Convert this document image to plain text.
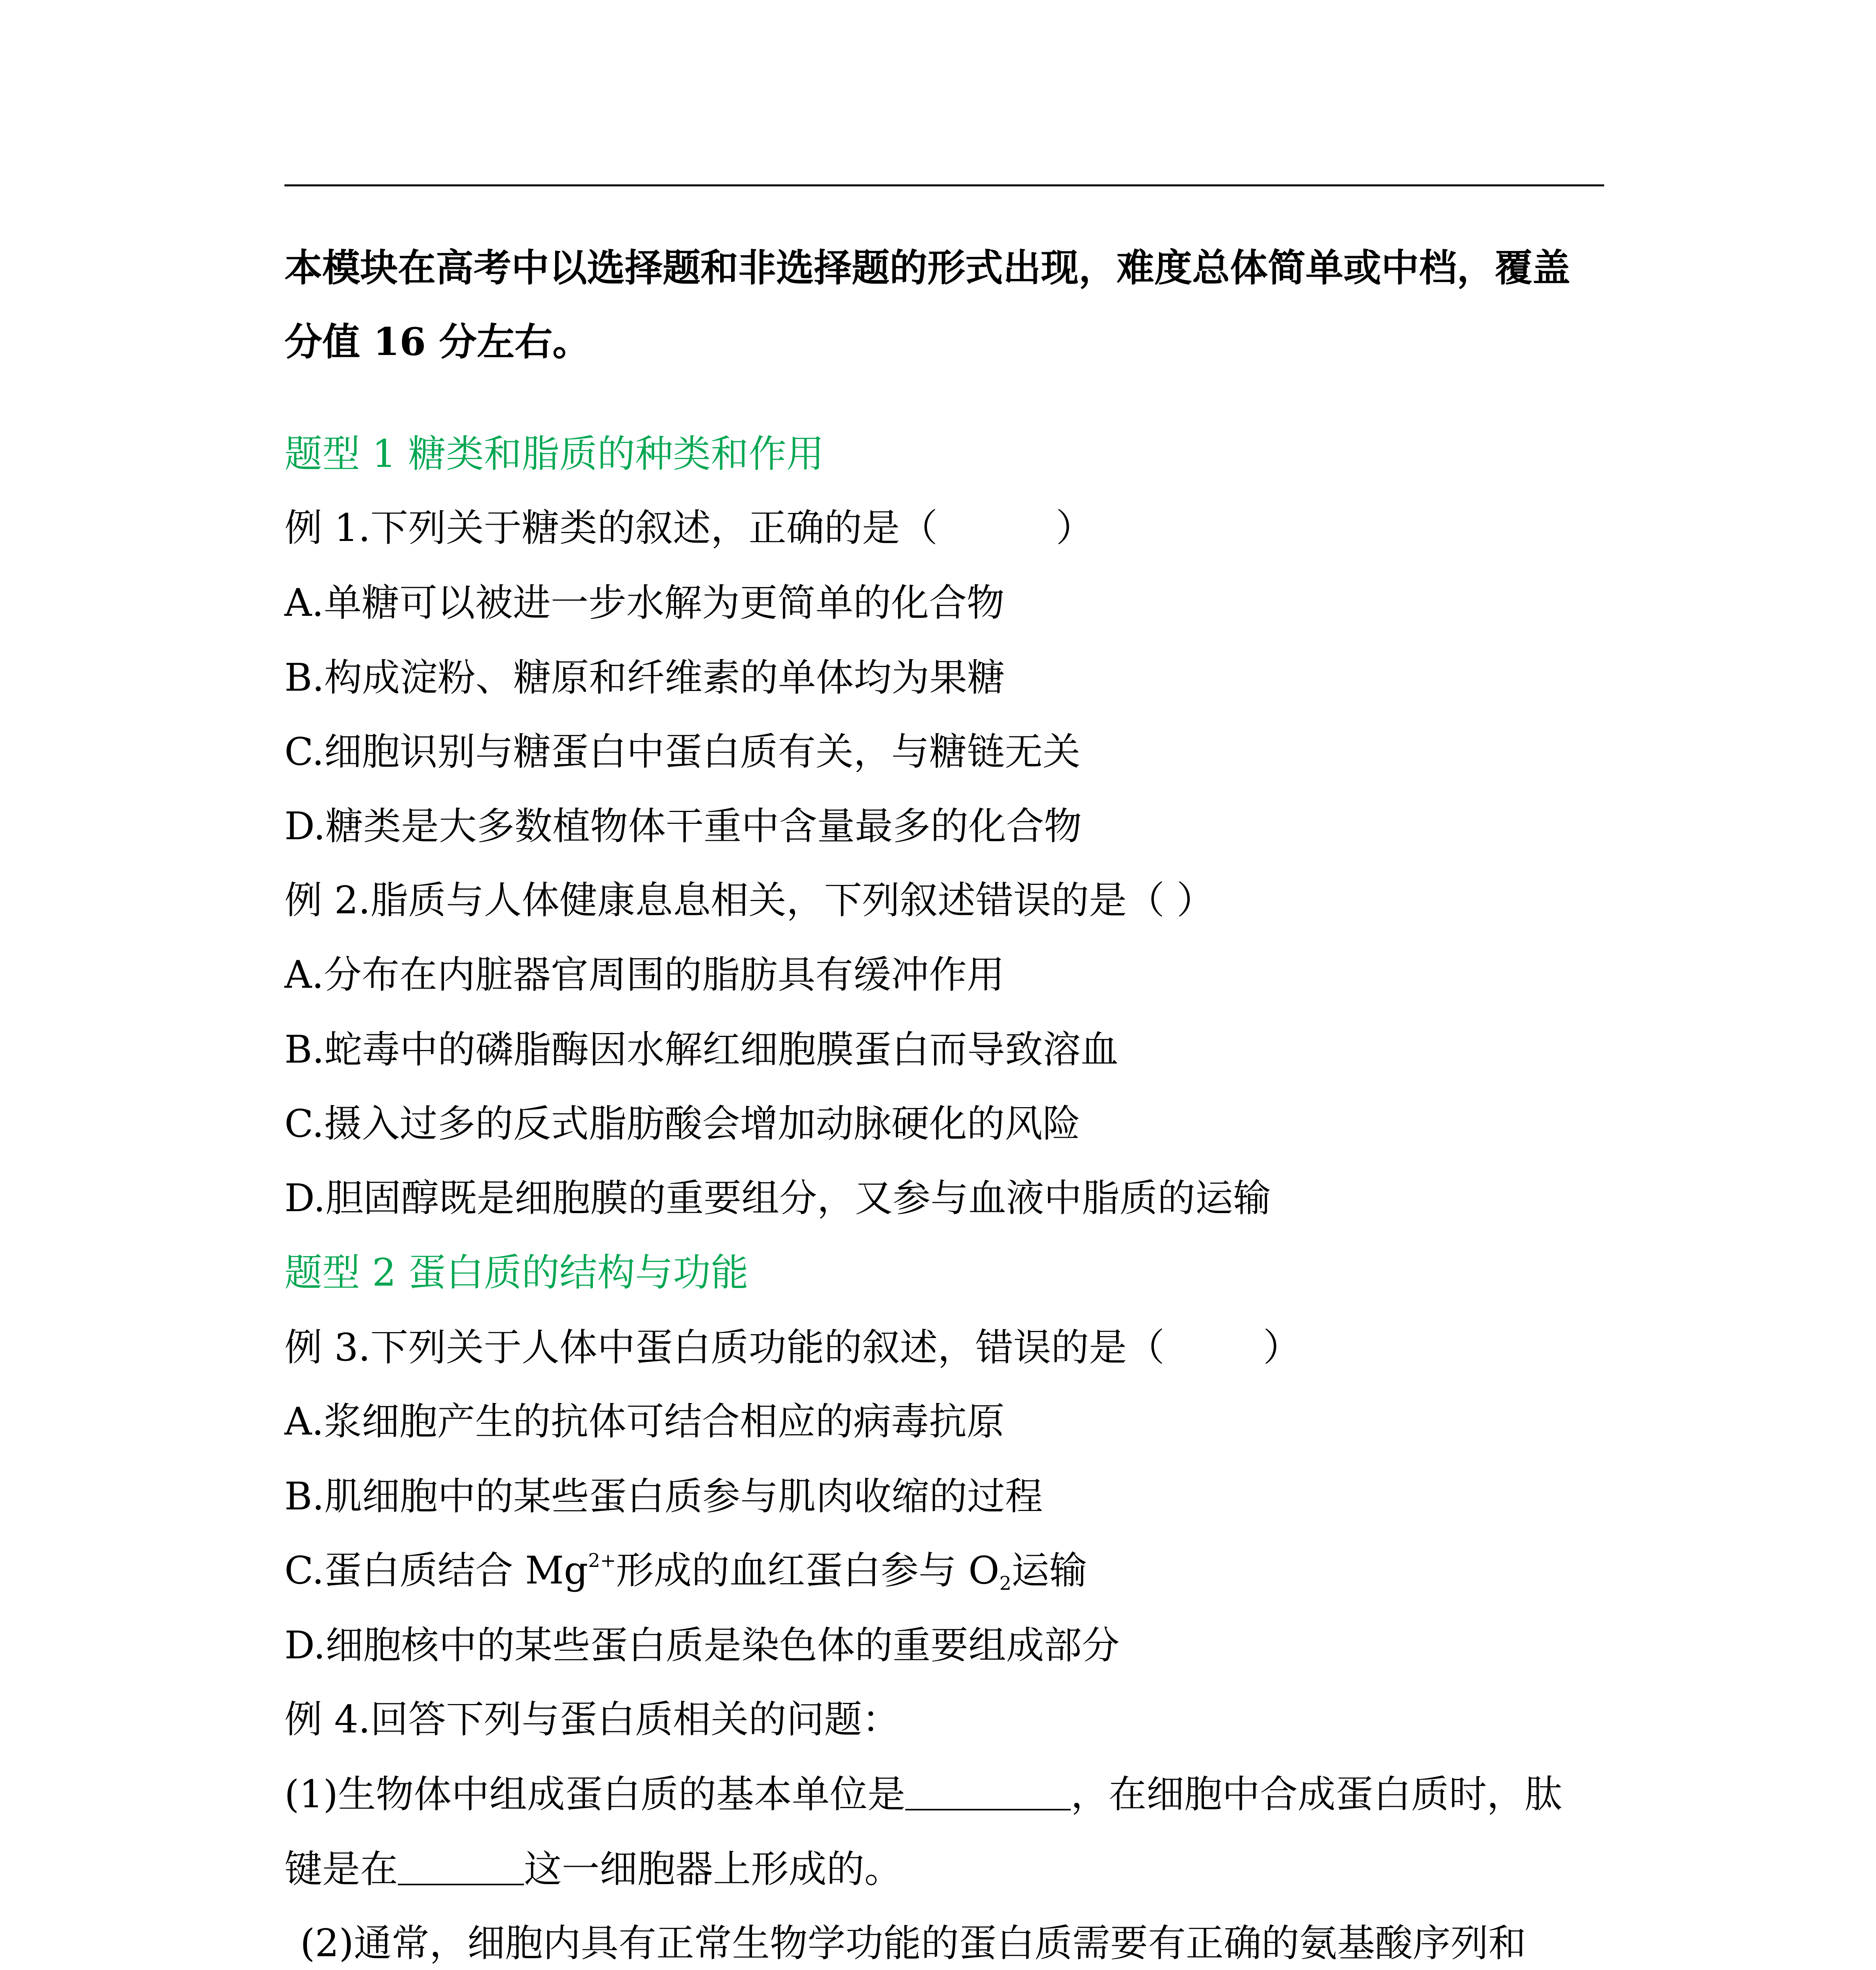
本模块在高考中以选择题和非选择题的形式出现，难度总体简单或中档，覆盖
分值 16 分左右。
题型 1 糖类和脂质的种类和作用
例 1.下列关于糖类的叙述，正确的是（	）
A.单糖可以被进一步水解为更简单的化合物
B.构成淀粉、糖原和纤维素的单体均为果糖
C.细胞识别与糖蛋白中蛋白质有关，与糖链无关
D.糖类是大多数植物体干重中含量最多的化合物
例 2.脂质与人体健康息息相关，下列叙述错误的是（ ）
A.分布在内脏器官周围的脂肪具有缓冲作用
B.蛇毒中的磷脂酶因水解红细胞膜蛋白而导致溶血
C.摄入过多的反式脂肪酸会增加动脉硬化的风险
D.胆固醇既是细胞膜的重要组分，又参与血液中脂质的运输
题型 2 蛋白质的结构与功能
例 3.下列关于人体中蛋白质功能的叙述，错误的是（	）
A.浆细胞产生的抗体可结合相应的病毒抗原
B.肌细胞中的某些蛋白质参与肌肉收缩的过程
C.蛋白质结合 $Mg^{2+}$形成的血红蛋白参与 $O_2$运输
D.细胞核中的某些蛋白质是染色体的重要组成部分
例 4.回答下列与蛋白质相关的问题：
(1)生物体中组成蛋白质的基本单位是	，在细胞中合成蛋白质时，肽
键是在	这一细胞器上形成的。
(2)通常，细胞内具有正常生物学功能的蛋白质需要有正确的氨基酸序列和
